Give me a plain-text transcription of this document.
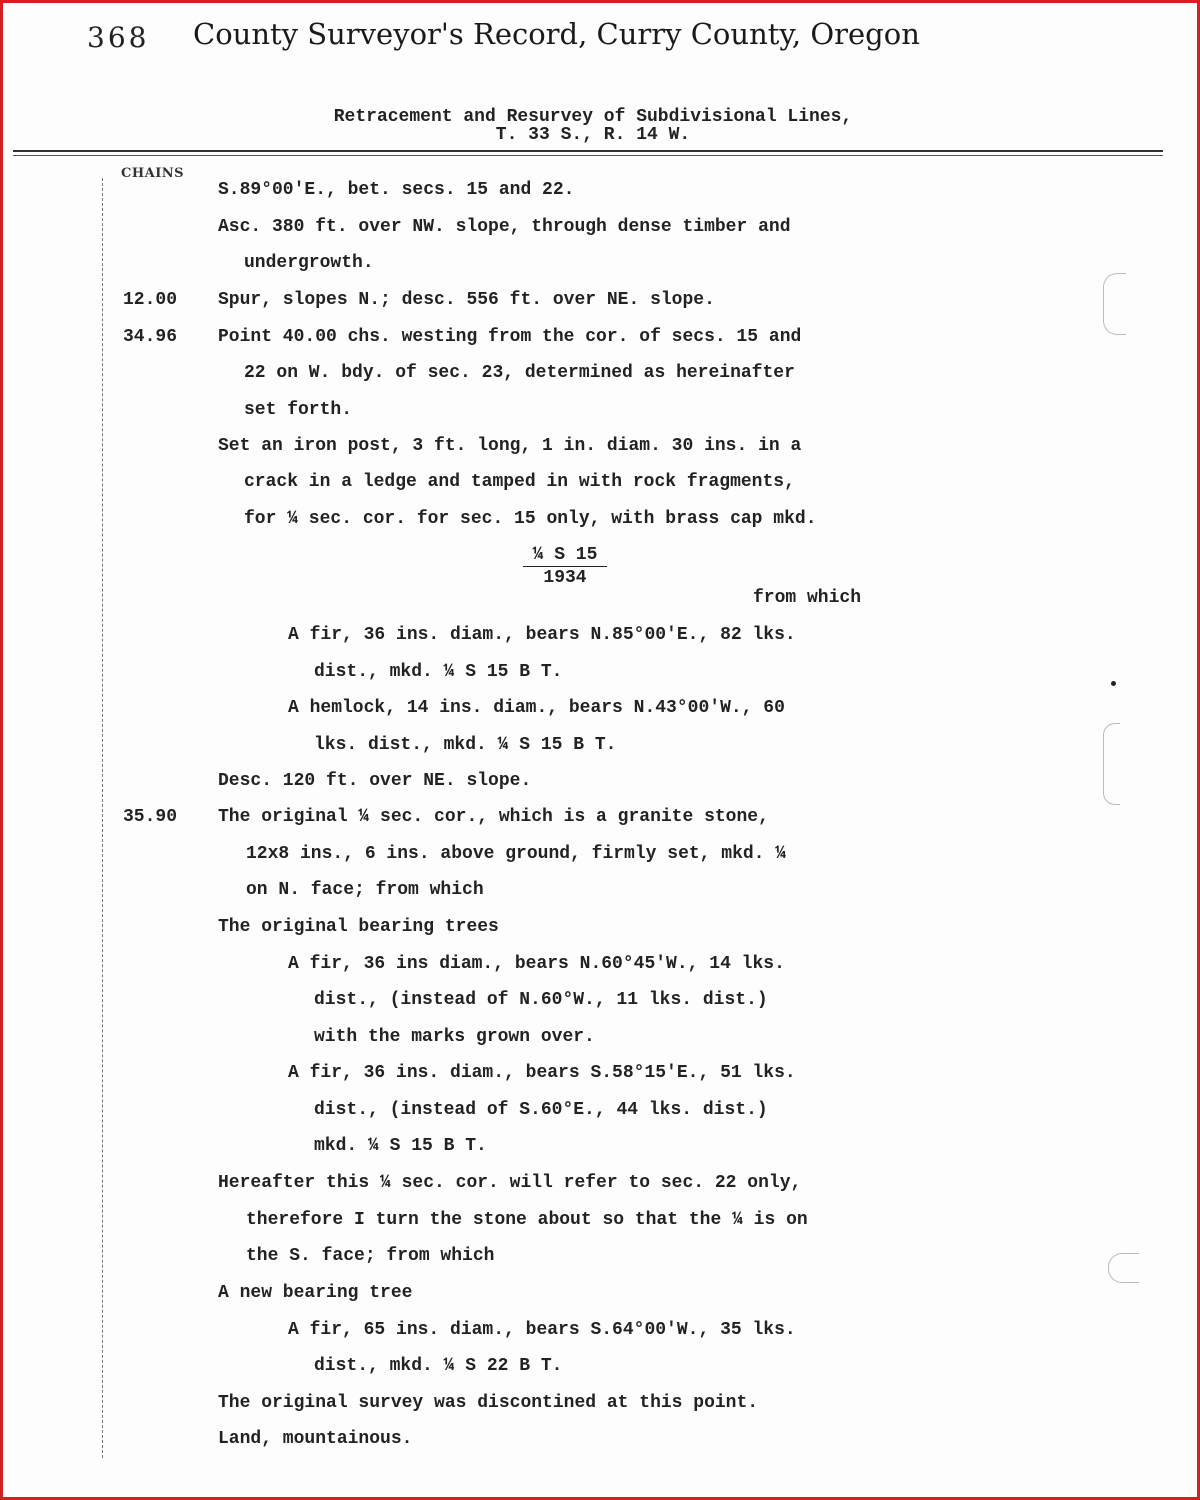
368 County Surveyor's Record, Curry County, Oregon
Retracement and Resurvey of Subdivisional Lines,
T. 33 S., R. 14 W.
CHAINS
12.00
34.96
35.90
S.89°00'E., bet. secs. 15 and 22.
Asc. 380 ft. over NW. slope, through dense timber and
undergrowth.
Spur, slopes N.; desc. 556 ft. over NE. slope.
Point 40.00 chs. westing from the cor. of secs. 15 and
22 on W. bdy. of sec. 23, determined as hereinafter
set forth.
Set an iron post, 3 ft. long, 1 in. diam. 30 ins. in a
crack in a ledge and tamped in with rock fragments,
for ¼ sec. cor. for sec. 15 only, with brass cap mkd.
$\frac{\text{¼ S 15}}{1934}$
from which
A fir, 36 ins. diam., bears N.85°00'E., 82 lks.
dist., mkd. ¼ S 15 B T.
A hemlock, 14 ins. diam., bears N.43°00'W., 60
lks. dist., mkd. ¼ S 15 B T.
Desc. 120 ft. over NE. slope.
The original ¼ sec. cor., which is a granite stone,
12x8 ins., 6 ins. above ground, firmly set, mkd. ¼
on N. face; from which
The original bearing trees
A fir, 36 ins diam., bears N.60°45'W., 14 lks.
dist., (instead of N.60°W., 11 lks. dist.)
with the marks grown over.
A fir, 36 ins. diam., bears S.58°15'E., 51 lks.
dist., (instead of S.60°E., 44 lks. dist.)
mkd. ¼ S 15 B T.
Hereafter this ¼ sec. cor. will refer to sec. 22 only,
therefore I turn the stone about so that the ¼ is on
the S. face; from which
A new bearing tree
A fir, 65 ins. diam., bears S.64°00'W., 35 lks.
dist., mkd. ¼ S 22 B T.
The original survey was discontined at this point.
Land, mountainous.
